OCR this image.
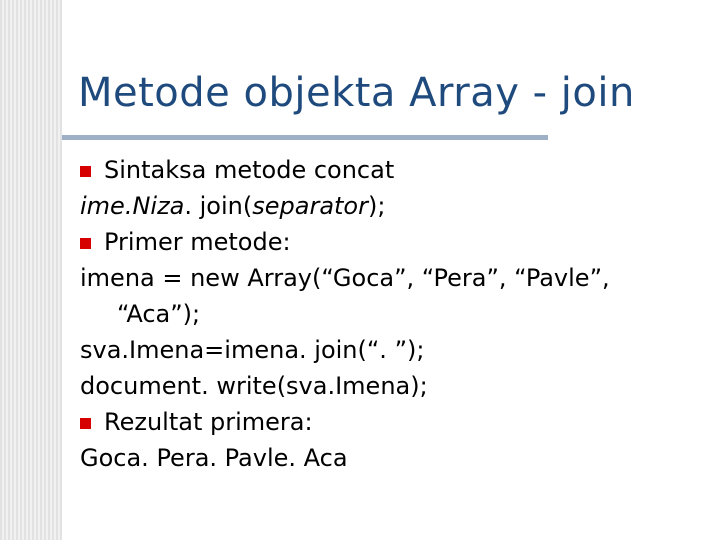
Metode objekta Array - join
Sintaksa metode concat
ime.Niza. join(separator);
Primer metode:
imena = new Array(“Goca”, “Pera”, “Pavle”,
“Aca”);
sva.Imena=imena. join(“. ”);
document. write(sva.Imena);
Rezultat primera:
Goca. Pera. Pavle. Aca
